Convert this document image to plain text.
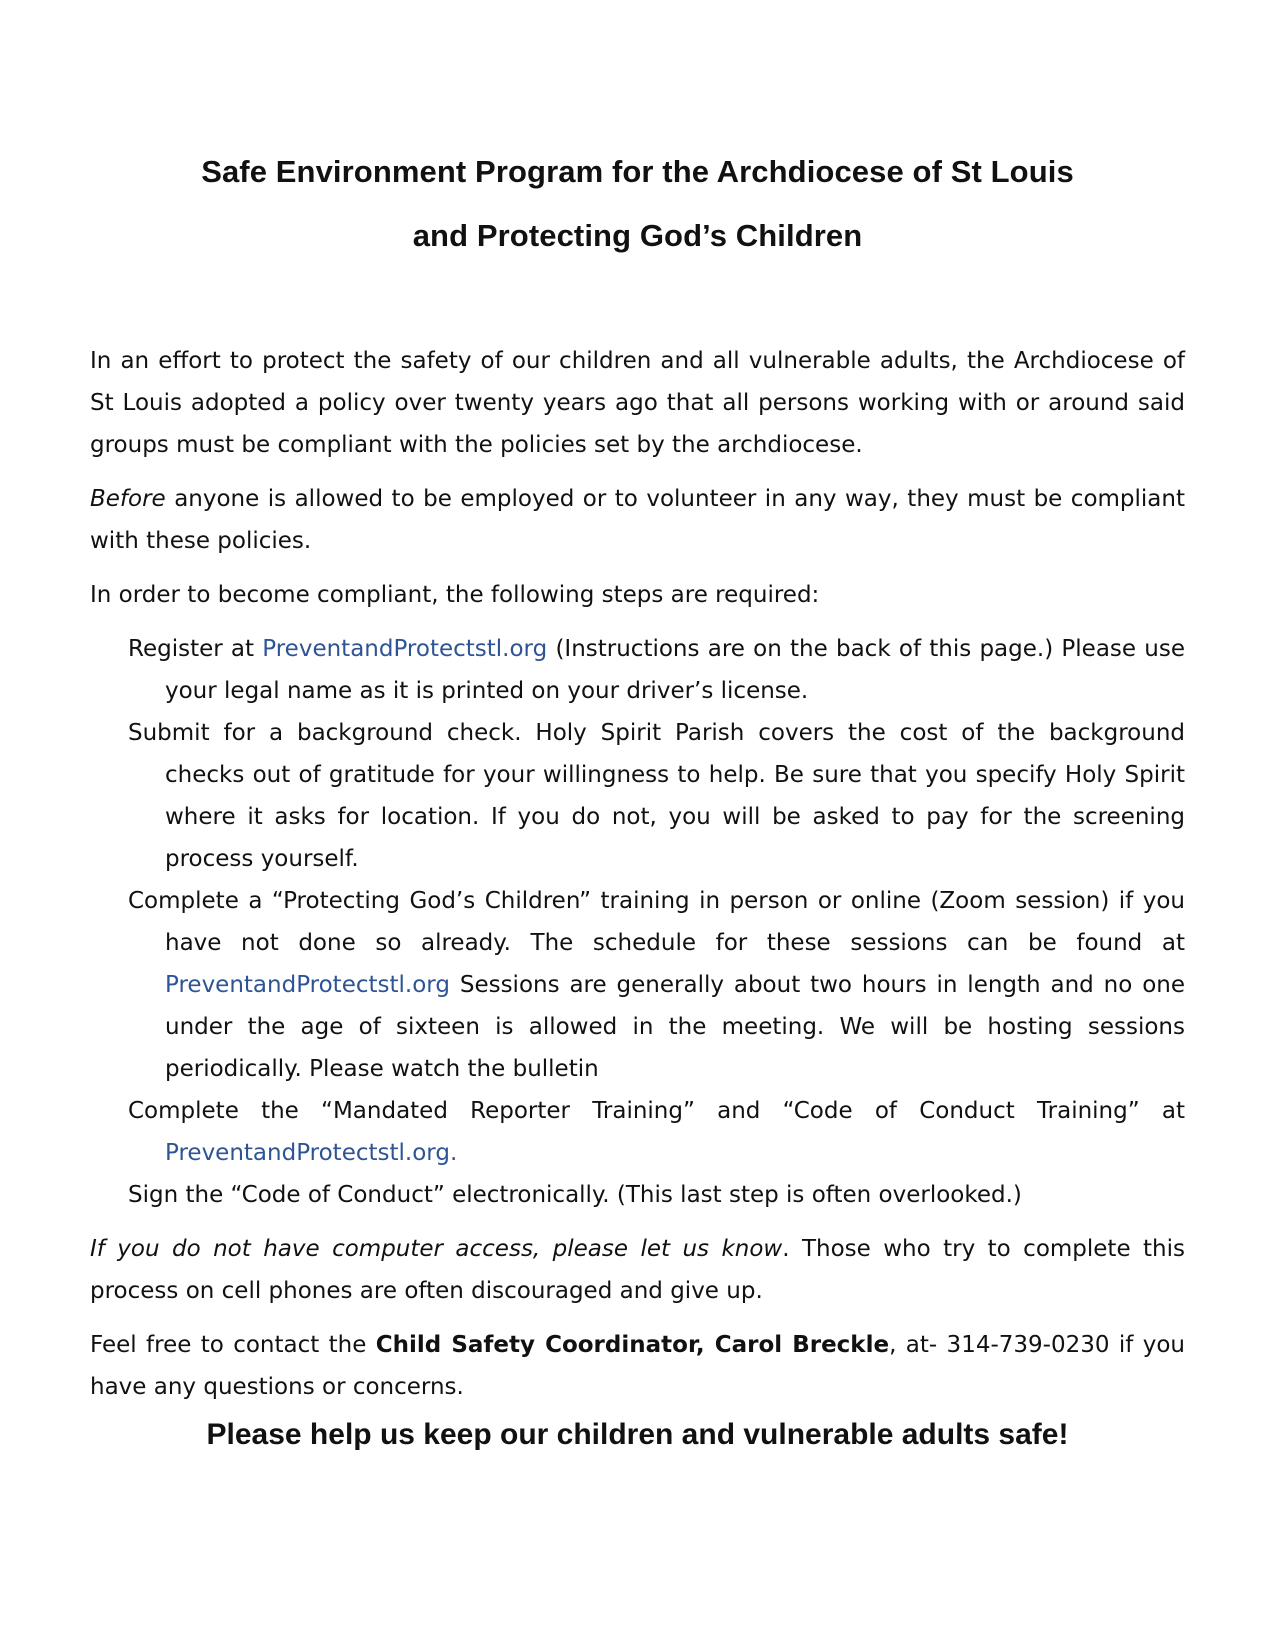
Safe Environment Program for the Archdiocese of St Louis
and Protecting God’s Children

In an effort to protect the safety of our children and all vulnerable adults, the Archdiocese of St Louis adopted a policy over twenty years ago that all persons working with or around said groups must be compliant with the policies set by the archdiocese.

Before anyone is allowed to be employed or to volunteer in any way, they must be compliant with these policies.

In order to become compliant, the following steps are required:

Register at PreventandProtectstl.org (Instructions are on the back of this page.) Please use your legal name as it is printed on your driver’s license.
Submit for a background check. Holy Spirit Parish covers the cost of the background checks out of gratitude for your willingness to help. Be sure that you specify Holy Spirit where it asks for location. If you do not, you will be asked to pay for the screening process yourself.
Complete a “Protecting God’s Children” training in person or online (Zoom session) if you have not done so already. The schedule for these sessions can be found at PreventandProtectstl.org Sessions are generally about two hours in length and no one under the age of sixteen is allowed in the meeting. We will be hosting sessions periodically. Please watch the bulletin
Complete the “Mandated Reporter Training” and “Code of Conduct Training” at PreventandProtectstl.org.
Sign the “Code of Conduct” electronically. (This last step is often overlooked.)

If you do not have computer access, please let us know. Those who try to complete this process on cell phones are often discouraged and give up.

Feel free to contact the Child Safety Coordinator, Carol Breckle, at- 314-739-0230 if you have any questions or concerns.

Please help us keep our children and vulnerable adults safe!
